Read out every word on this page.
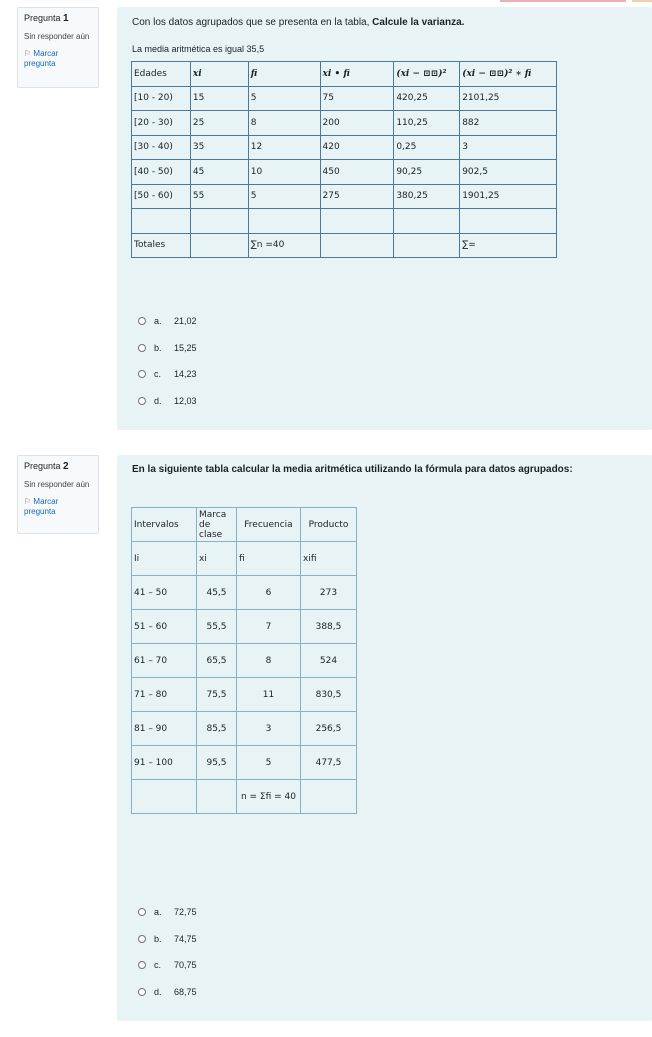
Pregunta 1
Sin responder aún
⚐ Marcar pregunta
Con los datos agrupados que se presenta en la tabla, Calcule la varianza.
La media aritmética es igual 35,5
Edades	xi	fi	xi • fi	(xi − ⊡⊡)²	(xi − ⊡⊡)² ∗ fi
[10 - 20)	15	5	75	420,25	2101,25
[20 - 30)	25	8	200	110,25	882
[30 - 40)	35	12	420	0,25	3
[40 - 50)	45	10	450	90,25	902,5
[50 - 60)	55	5	275	380,25	1901,25

Totales		∑n =40			∑=
a.	21,02
b.	15,25
c.	14,23
d.	12,03
Pregunta 2
Sin responder aún
⚐ Marcar pregunta
En la siguiente tabla calcular la media aritmética utilizando la fórmula para datos agrupados:
Intervalos	Marca de clase	Frecuencia	Producto
Ii	xi	fi	xifi
41 – 50	45,5	6	273
51 – 60	55,5	7	388,5
61 – 70	65,5	8	524
71 – 80	75,5	11	830,5
81 – 90	85,5	3	256,5
91 – 100	95,5	5	477,5
		n = Σfi = 40	
a.	72,75
b.	74,75
c.	70,75
d.	68,75
